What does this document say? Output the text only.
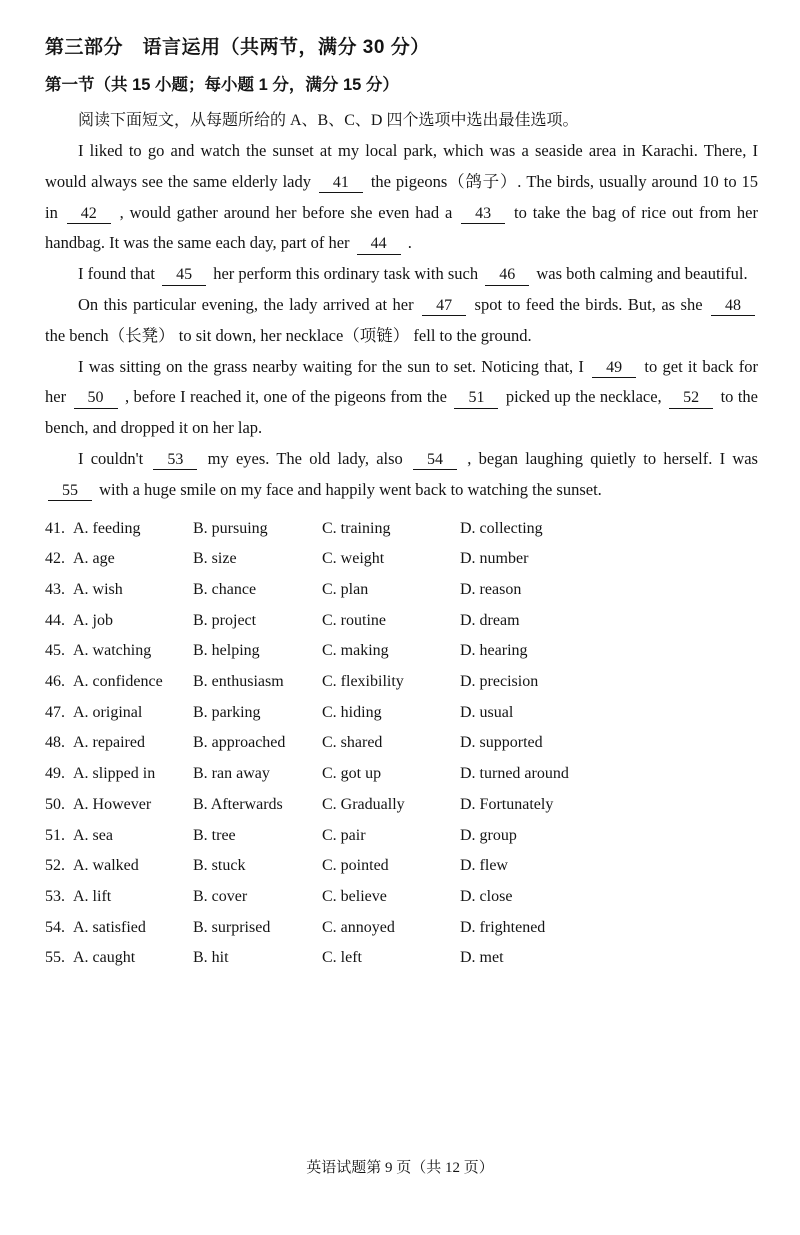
第三部分　语言运用（共两节，满分 30 分）
第一节（共 15 小题；每小题 1 分，满分 15 分）

阅读下面短文，从每题所给的 A、B、C、D 四个选项中选出最佳选项。

I liked to go and watch the sunset at my local park, which was a seaside area in Karachi. There, I would always see the same elderly lady 41 the pigeons（鸽子）. The birds, usually around 10 to 15 in 42 , would gather around her before she even had a 43 to take the bag of rice out from her handbag. It was the same each day, part of her 44 .

I found that 45 her perform this ordinary task with such 46 was both calming and beautiful.

On this particular evening, the lady arrived at her 47 spot to feed the birds. But, as she 48 the bench（长凳） to sit down, her necklace（项链） fell to the ground.

I was sitting on the grass nearby waiting for the sun to set. Noticing that, I 49 to get it back for her 50 , before I reached it, one of the pigeons from the 51 picked up the necklace, 52 to the bench, and dropped it on her lap.

I couldn't 53 my eyes. The old lady, also 54 , began laughing quietly to herself. I was 55 with a huge smile on my face and happily went back to watching the sunset.

41. A. feeding	B. pursuing	C. training	D. collecting
42. A. age	B. size	C. weight	D. number
43. A. wish	B. chance	C. plan	D. reason
44. A. job	B. project	C. routine	D. dream
45. A. watching	B. helping	C. making	D. hearing
46. A. confidence	B. enthusiasm	C. flexibility	D. precision
47. A. original	B. parking	C. hiding	D. usual
48. A. repaired	B. approached	C. shared	D. supported
49. A. slipped in	B. ran away	C. got up	D. turned around
50. A. However	B. Afterwards	C. Gradually	D. Fortunately
51. A. sea	B. tree	C. pair	D. group
52. A. walked	B. stuck	C. pointed	D. flew
53. A. lift	B. cover	C. believe	D. close
54. A. satisfied	B. surprised	C. annoyed	D. frightened
55. A. caught	B. hit	C. left	D. met
英语试题第 9 页（共 12 页）
